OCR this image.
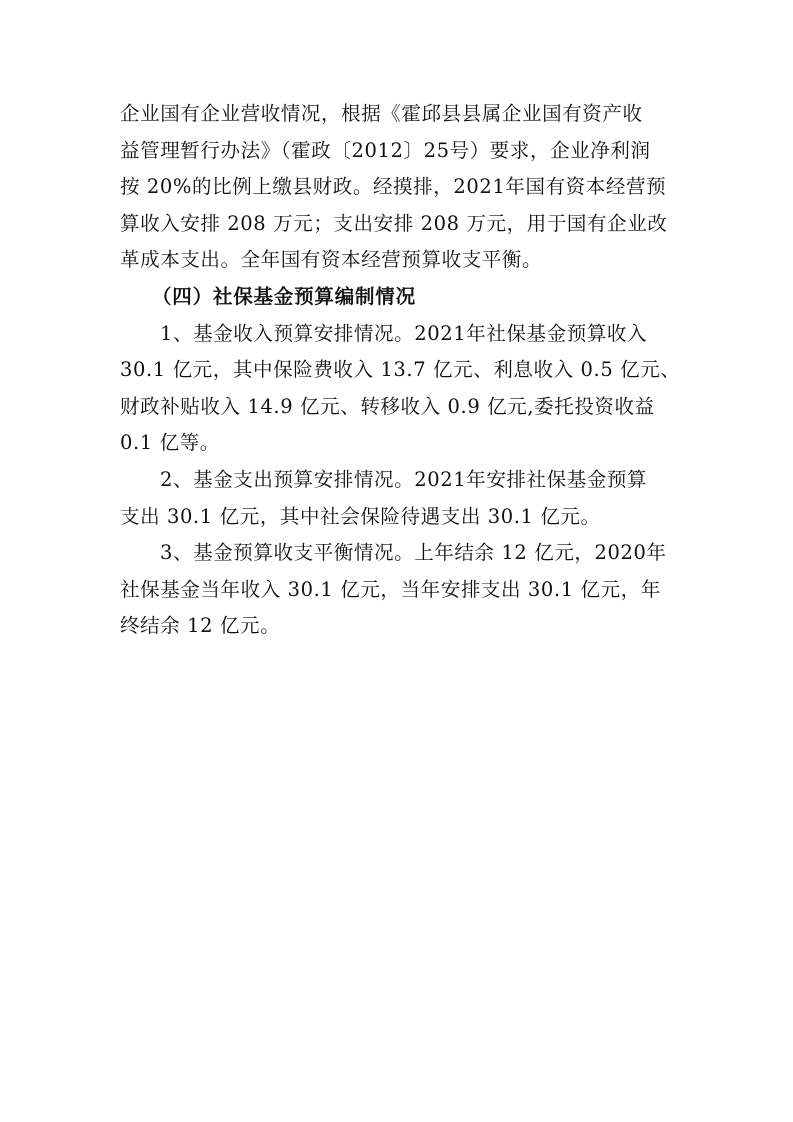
企业国有企业营收情况，根据《霍邱县县属企业国有资产收
益管理暂行办法》（霍政〔2012〕25号）要求，企业净利润
按 20%的比例上缴县财政。经摸排，2021年国有资本经营预
算收入安排 208 万元；支出安排 208 万元，用于国有企业改
革成本支出。全年国有资本经营预算收支平衡。
（四）社保基金预算编制情况
1、基金收入预算安排情况。2021年社保基金预算收入
30.1 亿元，其中保险费收入 13.7 亿元、利息收入 0.5 亿元、
财政补贴收入 14.9 亿元、转移收入 0.9 亿元,委托投资收益
0.1 亿等。
2、基金支出预算安排情况。2021年安排社保基金预算
支出 30.1 亿元，其中社会保险待遇支出 30.1 亿元。
3、基金预算收支平衡情况。上年结余 12 亿元，2020年
社保基金当年收入 30.1 亿元，当年安排支出 30.1 亿元，年
终结余 12 亿元。
